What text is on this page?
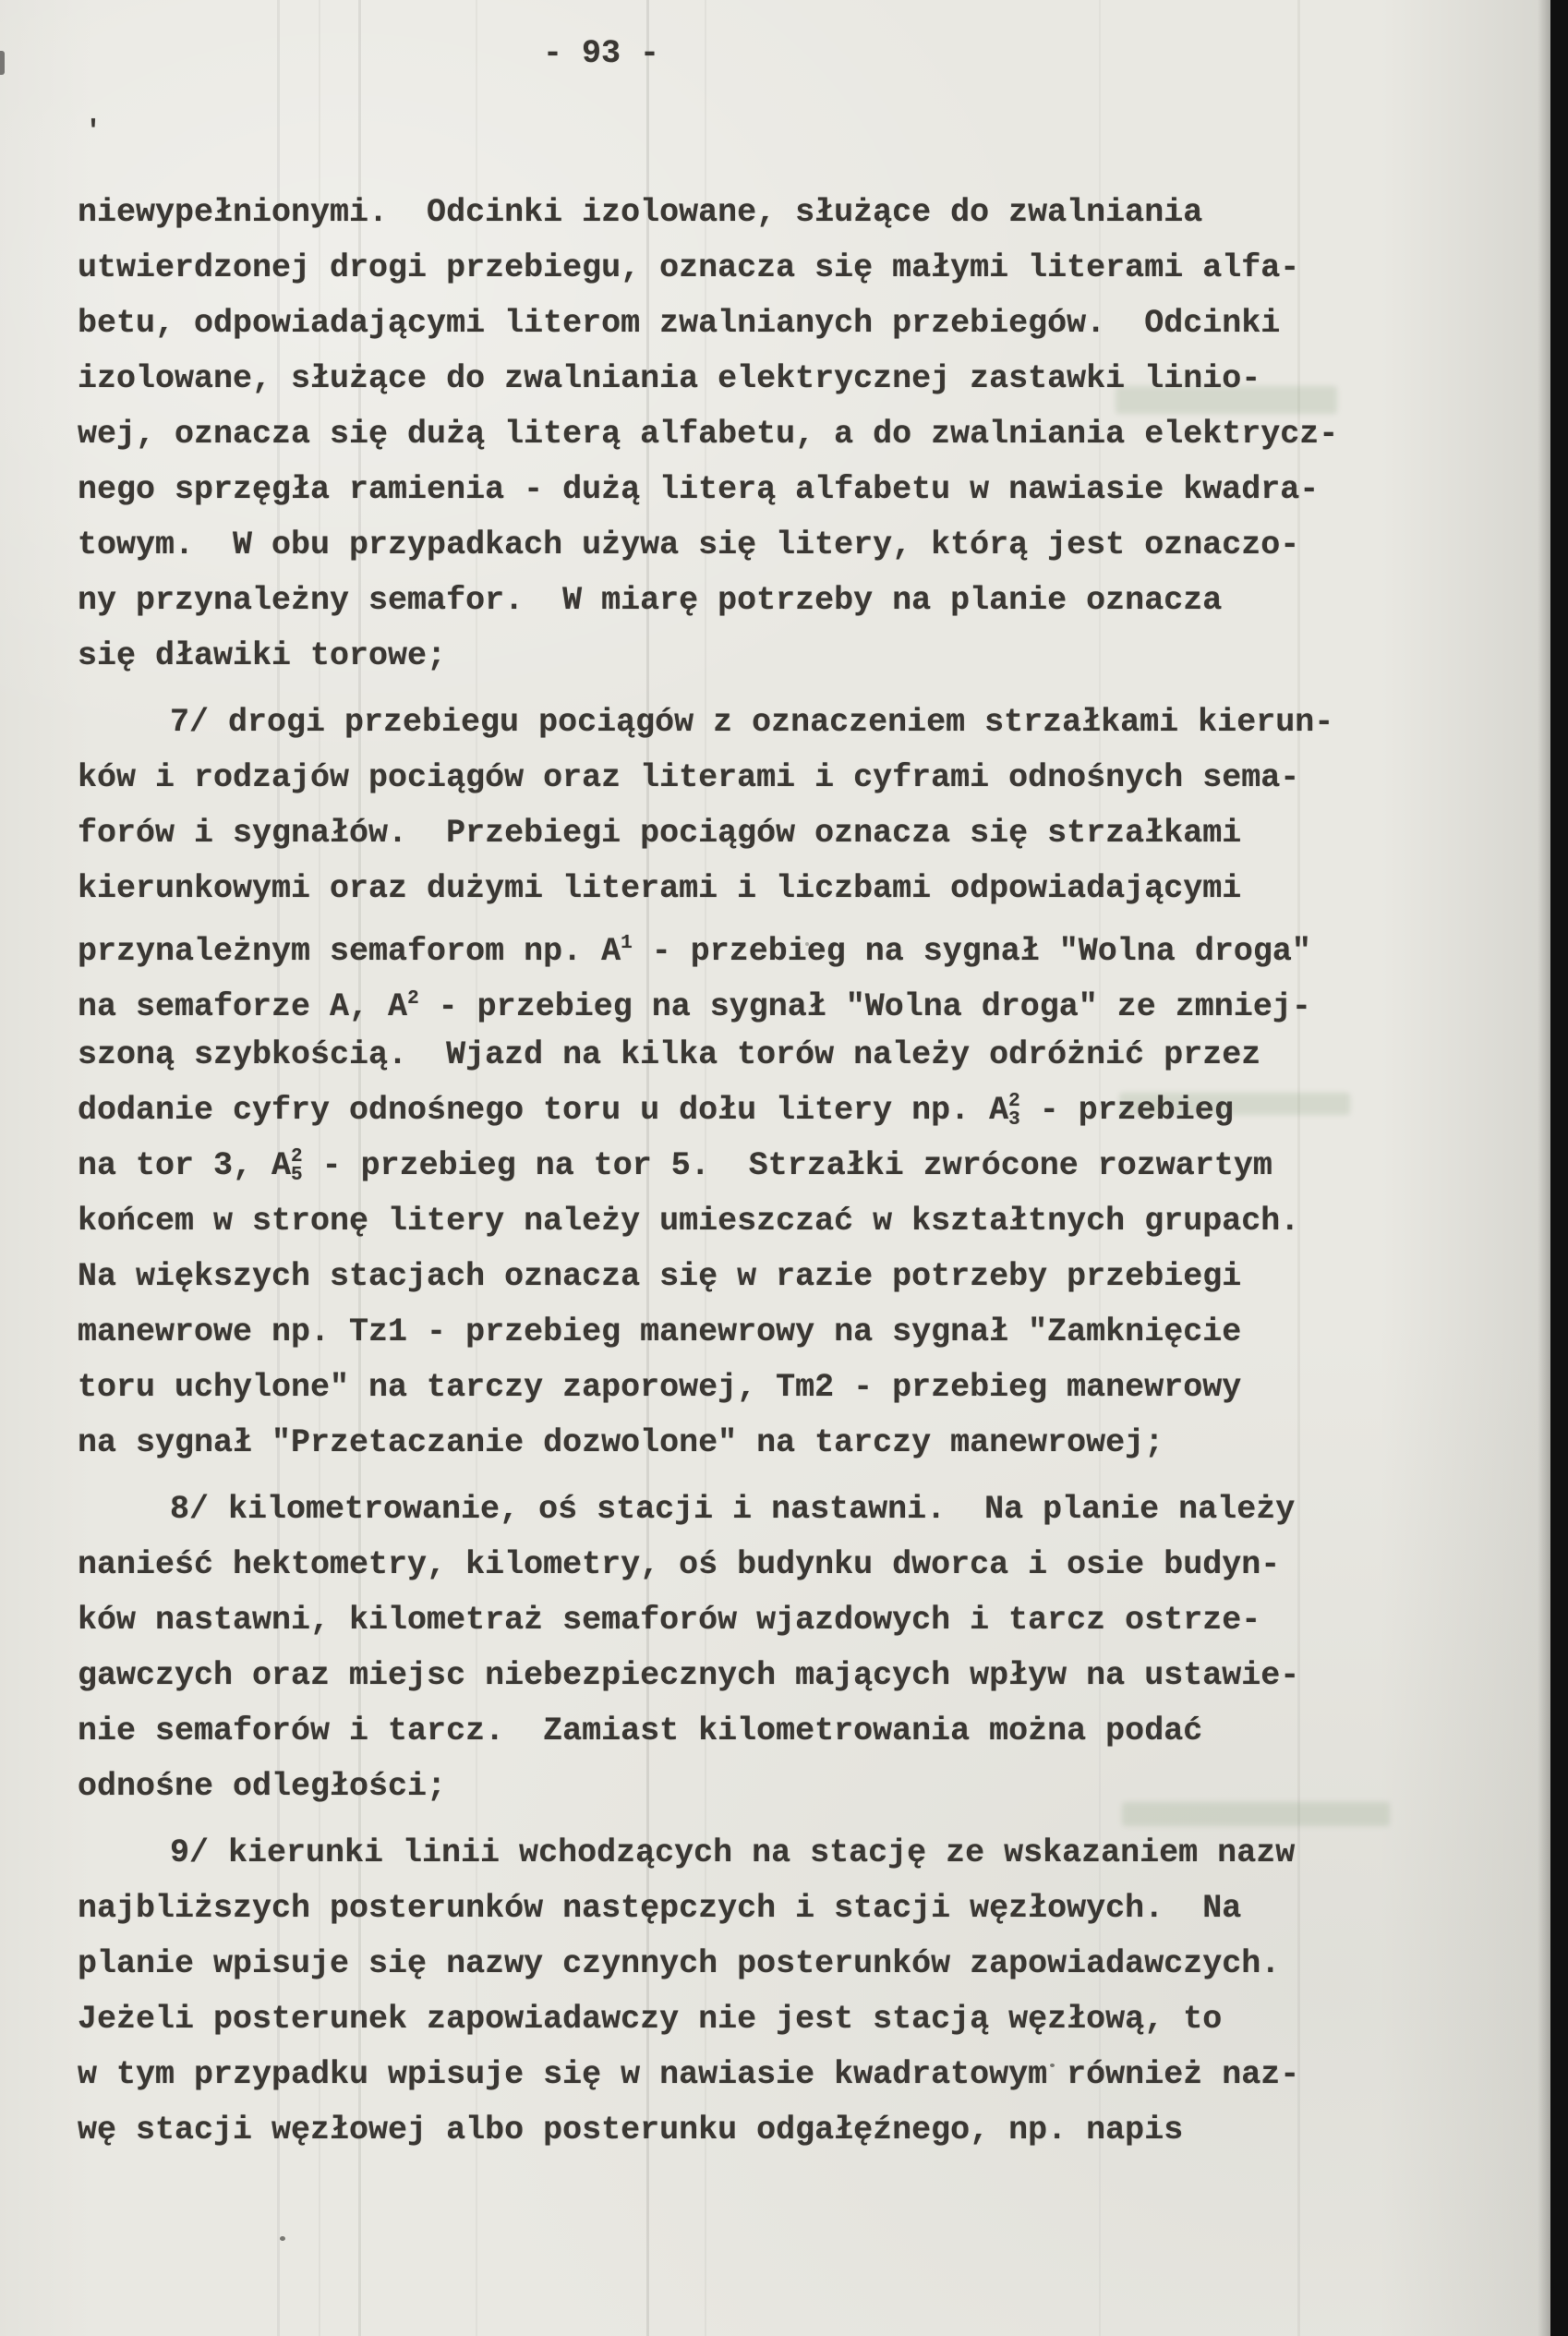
- 93 -
'
niewypełnionymi.  Odcinki izolowane, służące do zwalniania
utwierdzonej drogi przebiegu, oznacza się małymi literami alfa-
betu, odpowiadającymi literom zwalnianych przebiegów.  Odcinki
izolowane, służące do zwalniania elektrycznej zastawki linio-
wej, oznacza się dużą literą alfabetu, a do zwalniania elektrycz-
nego sprzęgła ramienia - dużą literą alfabetu w nawiasie kwadra-
towym.  W obu przypadkach używa się litery, którą jest oznaczo-
ny przynależny semafor.  W miarę potrzeby na planie oznacza
się dławiki torowe;
7/ drogi przebiegu pociągów z oznaczeniem strzałkami kierun-
ków i rodzajów pociągów oraz literami i cyframi odnośnych sema-
forów i sygnałów.  Przebiegi pociągów oznacza się strzałkami
kierunkowymi oraz dużymi literami i liczbami odpowiadającymi
przynależnym semaforom np. $A^1$ - przebieg na sygnał "Wolna droga"
na semaforze A, $A^2$ - przebieg na sygnał "Wolna droga" ze zmniej-
szoną szybkością.  Wjazd na kilka torów należy odróżnić przez
dodanie cyfry odnośnego toru u dołu litery np. A 2
3 - przebieg
na tor 3, A 2
5 - przebieg na tor 5.  Strzałki zwrócone rozwartym
końcem w stronę litery należy umieszczać w kształtnych grupach.
Na większych stacjach oznacza się w razie potrzeby przebiegi
manewrowe np. Tz1 - przebieg manewrowy na sygnał "Zamknięcie
toru uchylone" na tarczy zaporowej, Tm2 - przebieg manewrowy
na sygnał "Przetaczanie dozwolone" na tarczy manewrowej;
8/ kilometrowanie, oś stacji i nastawni.  Na planie należy
nanieść hektometry, kilometry, oś budynku dworca i osie budyn-
ków nastawni, kilometraż semaforów wjazdowych i tarcz ostrze-
gawczych oraz miejsc niebezpiecznych mających wpływ na ustawie-
nie semaforów i tarcz.  Zamiast kilometrowania można podać
odnośne odległości;
9/ kierunki linii wchodzących na stację ze wskazaniem nazw
najbliższych posterunków następczych i stacji węzłowych.  Na
planie wpisuje się nazwy czynnych posterunków zapowiadawczych.
Jeżeli posterunek zapowiadawczy nie jest stacją węzłową, to
w tym przypadku wpisuje się w nawiasie kwadratowym również naz-
wę stacji węzłowej albo posterunku odgałęźnego, np. napis
